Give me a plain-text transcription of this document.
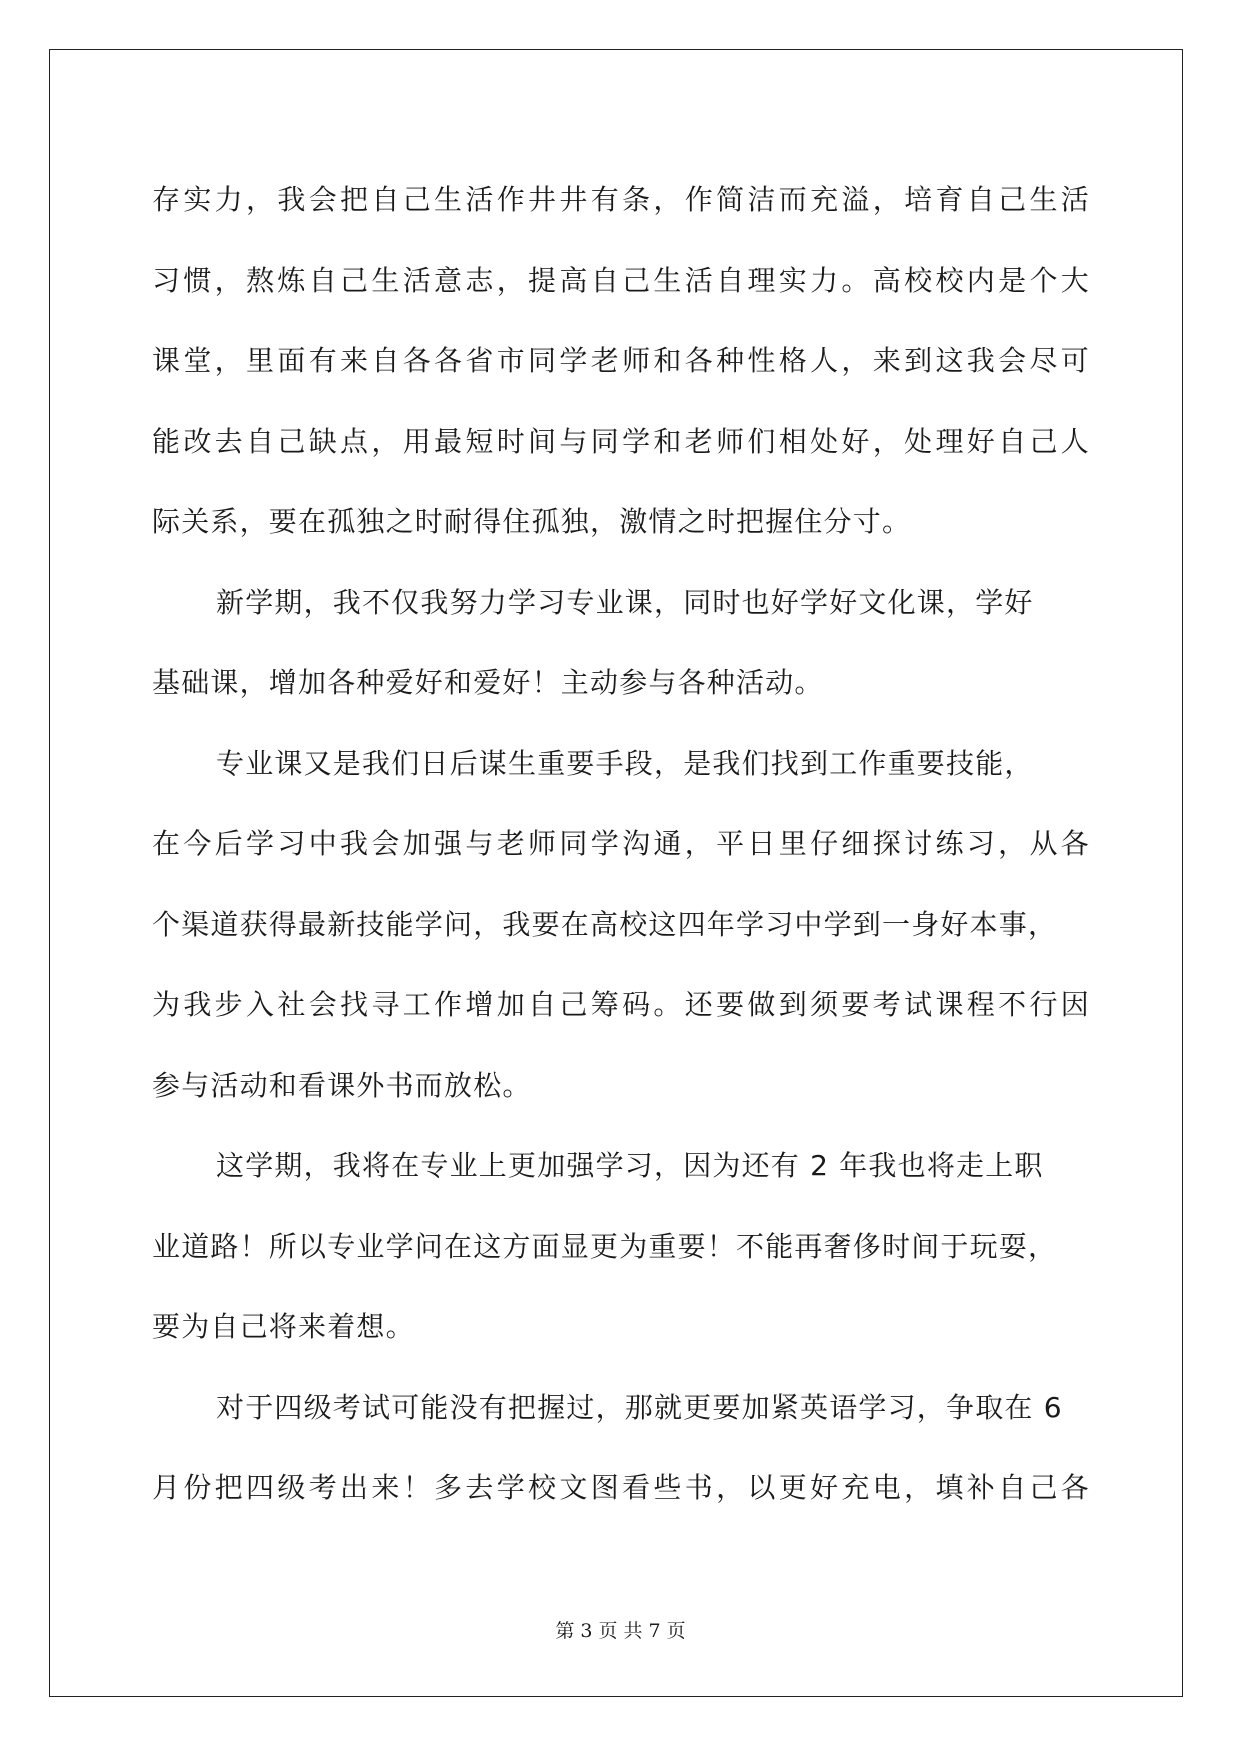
存实力，我会把自己生活作井井有条，作简洁而充溢，培育自己生活
习惯，熬炼自己生活意志，提高自己生活自理实力。高校校内是个大
课堂，里面有来自各各省市同学老师和各种性格人，来到这我会尽可
能改去自己缺点，用最短时间与同学和老师们相处好，处理好自己人
际关系，要在孤独之时耐得住孤独，激情之时把握住分寸。
新学期，我不仅我努力学习专业课，同时也好学好文化课，学好
基础课，增加各种爱好和爱好！主动参与各种活动。
专业课又是我们日后谋生重要手段，是我们找到工作重要技能，
在今后学习中我会加强与老师同学沟通，平日里仔细探讨练习，从各
个渠道获得最新技能学问，我要在高校这四年学习中学到一身好本事，
为我步入社会找寻工作增加自己筹码。还要做到须要考试课程不行因
参与活动和看课外书而放松。
这学期，我将在专业上更加强学习，因为还有 2 年我也将走上职
业道路！所以专业学问在这方面显更为重要！不能再奢侈时间于玩耍，
要为自己将来着想。
对于四级考试可能没有把握过，那就更要加紧英语学习，争取在 6
月份把四级考出来！多去学校文图看些书，以更好充电，填补自己各
第 3 页 共 7 页
